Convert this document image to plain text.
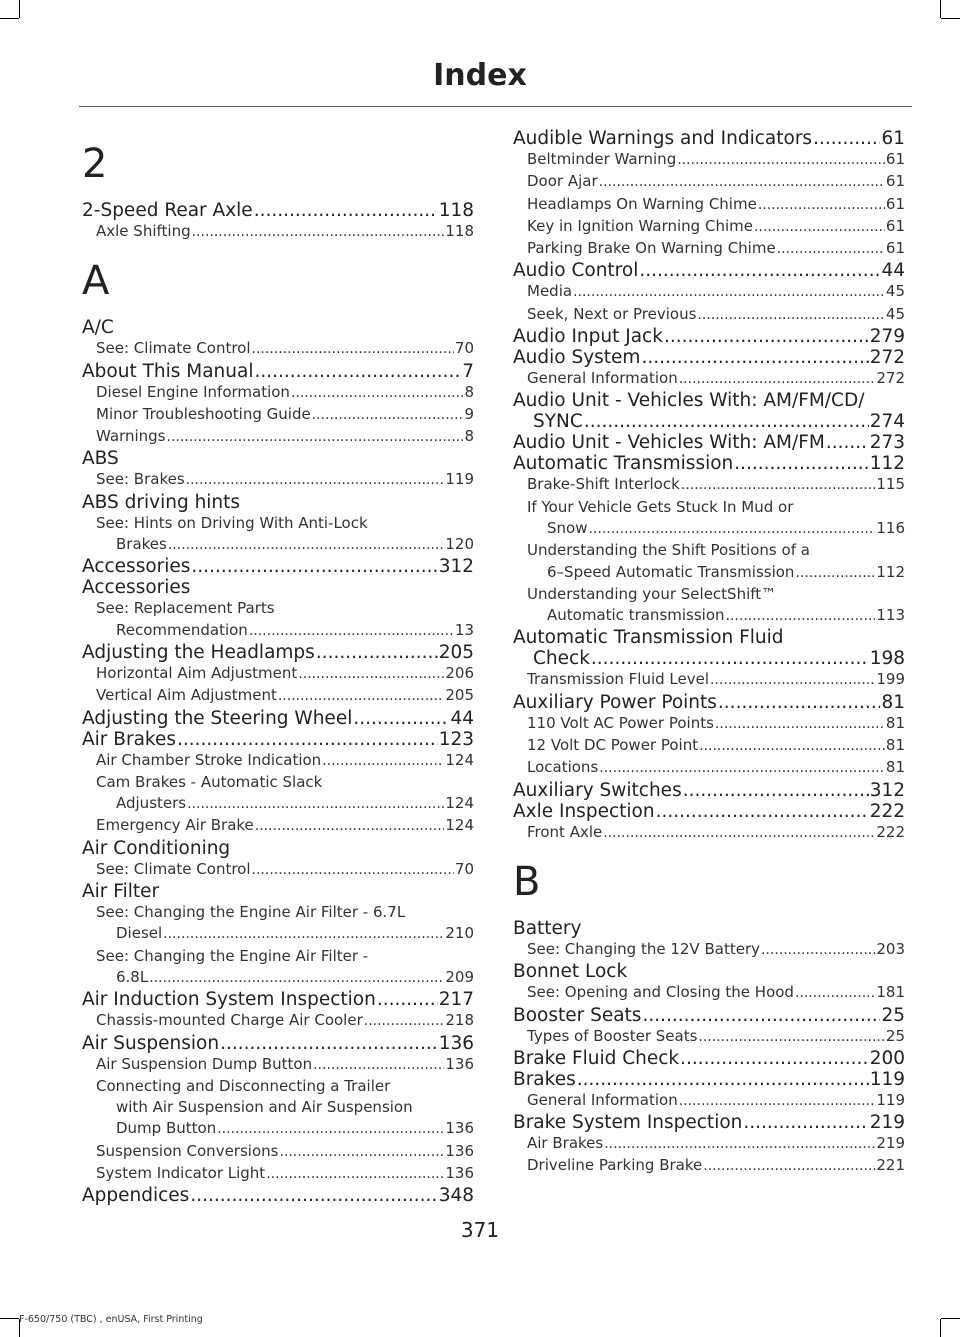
Index
2
2-Speed Rear Axle .....	118
Axle Shifting .....	118
A
A/C
See: Climate Control .....	70
About This Manual .....	7
Diesel Engine Information .....	8
Minor Troubleshooting Guide .....	9
Warnings .....	8
ABS
See: Brakes .....	119
ABS driving hints
See: Hints on Driving With Anti-Lock
Brakes .....	120
Accessories .....	312
Accessories
See: Replacement Parts
Recommendation .....	13
Adjusting the Headlamps .....	205
Horizontal Aim Adjustment .....	206
Vertical Aim Adjustment .....	205
Adjusting the Steering Wheel .....	44
Air Brakes .....	123
Air Chamber Stroke Indication .....	124
Cam Brakes - Automatic Slack
Adjusters .....	124
Emergency Air Brake .....	124
Air Conditioning
See: Climate Control .....	70
Air Filter
See: Changing the Engine Air Filter - 6.7L
Diesel .....	210
See: Changing the Engine Air Filter -
6.8L .....	209
Air Induction System Inspection .....	217
Chassis-mounted Charge Air Cooler .....	218
Air Suspension .....	136
Air Suspension Dump Button .....	136
Connecting and Disconnecting a Trailer
with Air Suspension and Air Suspension
Dump Button .....	136
Suspension Conversions .....	136
System Indicator Light .....	136
Appendices .....	348
Audible Warnings and Indicators .....	61
Beltminder Warning .....	61
Door Ajar .....	61
Headlamps On Warning Chime .....	61
Key in Ignition Warning Chime .....	61
Parking Brake On Warning Chime .....	61
Audio Control .....	44
Media .....	45
Seek, Next or Previous .....	45
Audio Input Jack .....	279
Audio System .....	272
General Information .....	272
Audio Unit - Vehicles With: AM/FM/CD/
SYNC .....	274
Audio Unit - Vehicles With: AM/FM ..... 273
Automatic Transmission .....	112
Brake-Shift Interlock .....	115
If Your Vehicle Gets Stuck In Mud or
Snow .....	116
Understanding the Shift Positions of a
6–Speed Automatic Transmission .....	112
Understanding your SelectShift™
Automatic transmission .....	113
Automatic Transmission Fluid
Check .....	198
Transmission Fluid Level .....	199
Auxiliary Power Points .....	81
110 Volt AC Power Points .....	81
12 Volt DC Power Point .....	81
Locations .....	81
Auxiliary Switches .....	312
Axle Inspection .....	222
Front Axle .....	222
B
Battery
See: Changing the 12V Battery .....	203
Bonnet Lock
See: Opening and Closing the Hood .....	181
Booster Seats .....	25
Types of Booster Seats .....	25
Brake Fluid Check .....	200
Brakes .....	119
General Information .....	119
Brake System Inspection .....	219
Air Brakes .....	219
Driveline Parking Brake .....	221
371
F-650/750 (TBC) , enUSA, First Printing
